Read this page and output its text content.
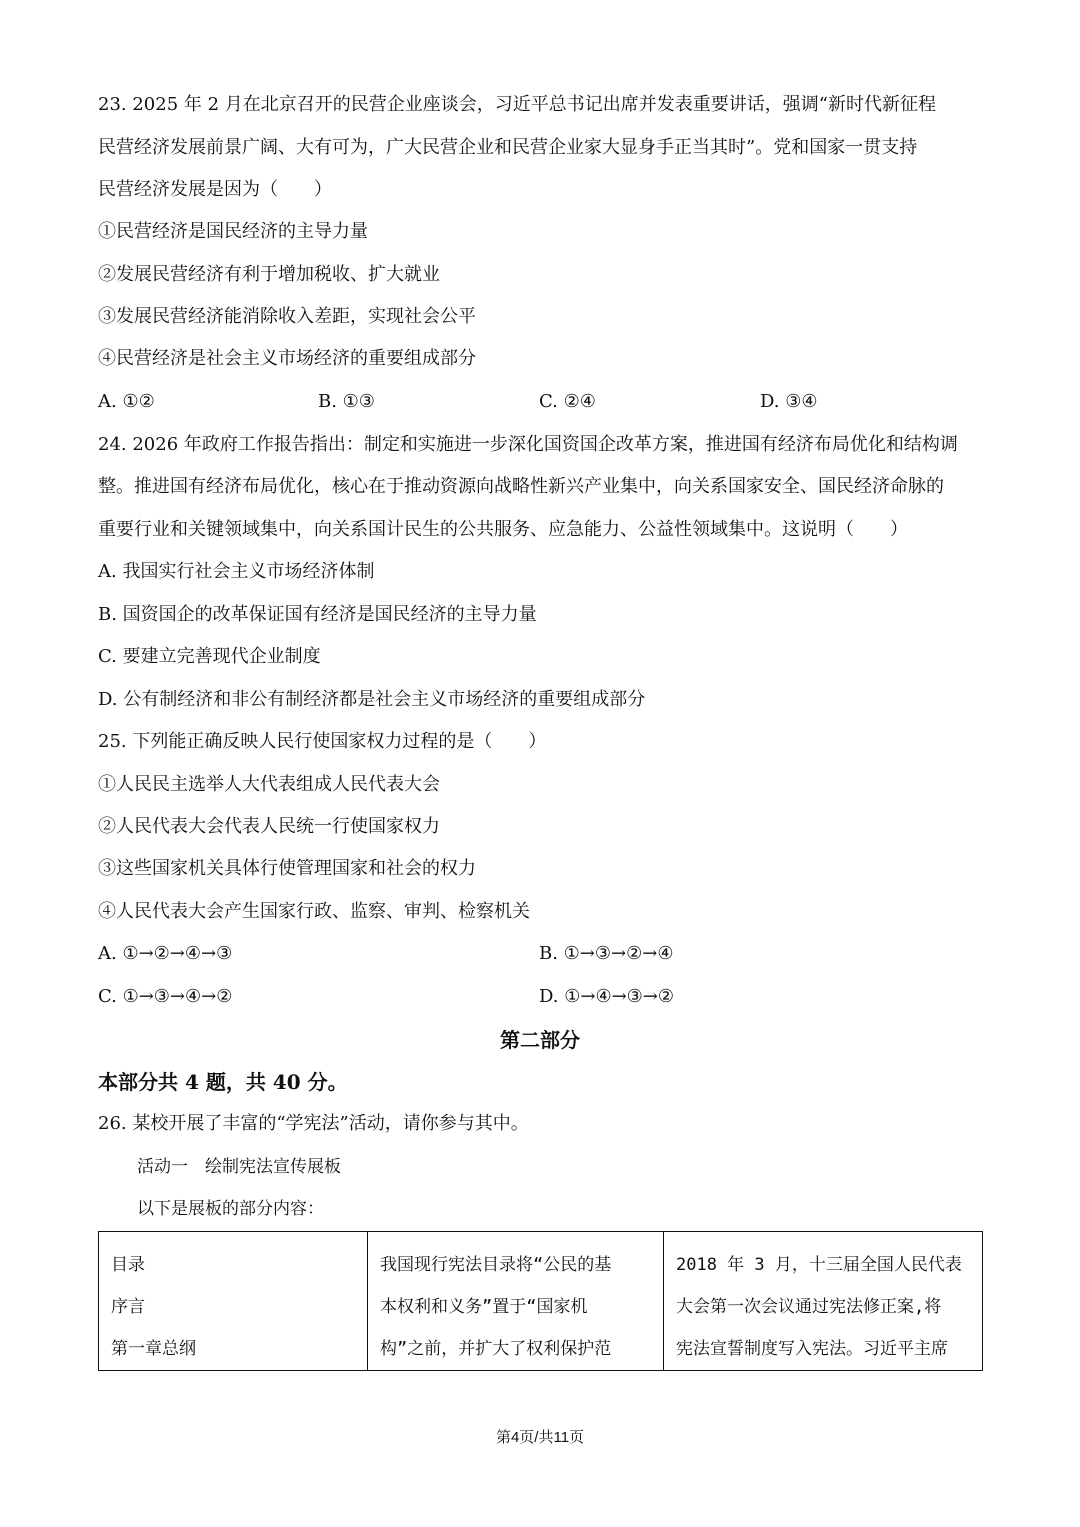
23. 2025 年 2 月在北京召开的民营企业座谈会，习近平总书记出席并发表重要讲话，强调“新时代新征程
民营经济发展前景广阔、大有可为，广大民营企业和民营企业家大显身手正当其时”。党和国家一贯支持
民营经济发展是因为（　　）
①民营经济是国民经济的主导力量
②发展民营经济有利于增加税收、扩大就业
③发展民营经济能消除收入差距，实现社会公平
④民营经济是社会主义市场经济的重要组成部分
A. ①②	B. ①③	C. ②④	D. ③④
24. 2026 年政府工作报告指出：制定和实施进一步深化国资国企改革方案，推进国有经济布局优化和结构调
整。推进国有经济布局优化，核心在于推动资源向战略性新兴产业集中，向关系国家安全、国民经济命脉的
重要行业和关键领域集中，向关系国计民生的公共服务、应急能力、公益性领域集中。这说明（　　）
A. 我国实行社会主义市场经济体制
B. 国资国企的改革保证国有经济是国民经济的主导力量
C. 要建立完善现代企业制度
D. 公有制经济和非公有制经济都是社会主义市场经济的重要组成部分
25. 下列能正确反映人民行使国家权力过程的是（　　）
①人民民主选举人大代表组成人民代表大会
②人民代表大会代表人民统一行使国家权力
③这些国家机关具体行使管理国家和社会的权力
④人民代表大会产生国家行政、监察、审判、检察机关
A. ①→②→④→③	B. ①→③→②→④
C. ①→③→④→②	D. ①→④→③→②
第二部分
本部分共 4 题，共 40 分。
26. 某校开展了丰富的“学宪法”活动，请你参与其中。
活动一　绘制宪法宣传展板
以下是展板的部分内容：
目录
序言
第一章总纲

我国现行宪法目录将“公民的基
本权利和义务”置于“国家机
构”之前，并扩大了权利保护范

2018 年 3 月，十三届全国人民代表
大会第一次会议通过宪法修正案,将
宪法宣誓制度写入宪法。习近平主席
第4页/共11页
